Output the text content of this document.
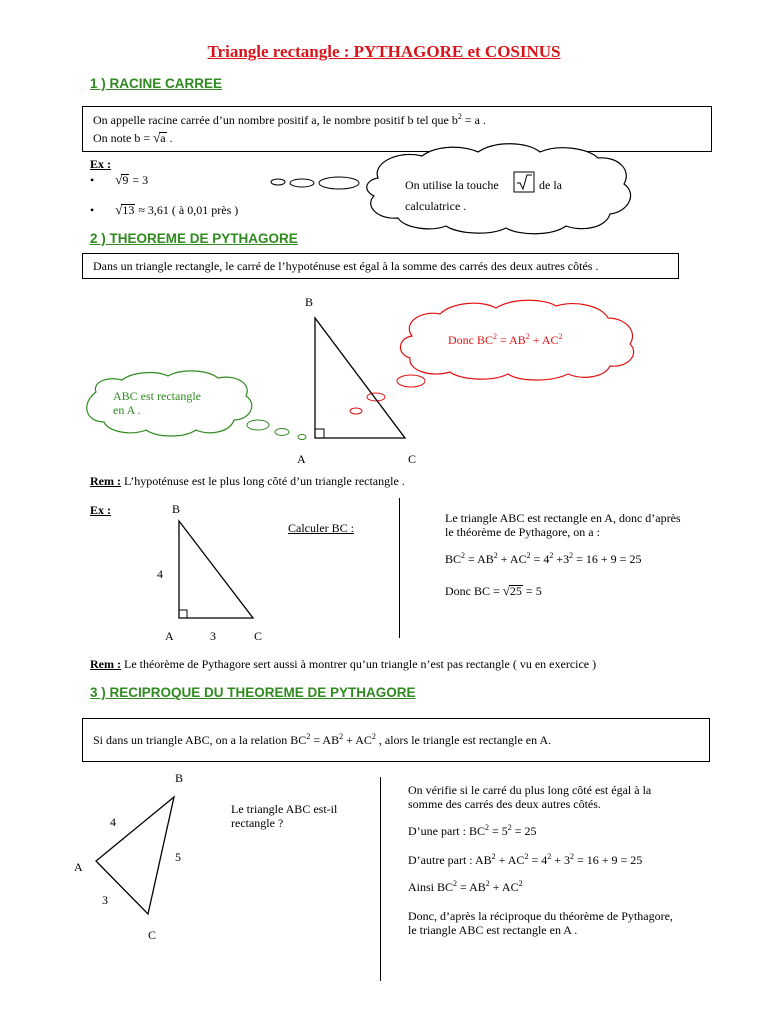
Triangle rectangle : PYTHAGORE et COSINUS
1 ) RACINE CARREE
On appelle racine carrée d’un nombre positif a, le nombre positif b tel que $b^2 = a$ .
On note b = √a .
Ex :
•       √9 = 3
•       √13 ≈ 3,61 ( à 0,01 près )
On utilise la touche	de la
calculatrice .
2 ) THEOREME DE PYTHAGORE
Dans un triangle rectangle, le carré de l’hypoténuse est égal à la somme des carrés des deux autres côtés .
Donc $BC^2 = AB^2 + AC^2$
ABC est rectangle
en A .
B
A	C
Rem : L’hypoténuse est le plus long côté d’un triangle rectangle .
Ex :	B
4
A	3	C
Calculer BC :
Le triangle ABC est rectangle en A, donc d’après
le théorème de Pythagore, on a :
$BC^2 = AB^2 + AC^2 = 4^2 +3^2 = 16 + 9 = 25$
Donc BC = √25 = 5
Rem : Le théorème de Pythagore sert aussi à montrer qu’un triangle n’est pas rectangle ( vu en exercice )
3 ) RECIPROQUE DU THEOREME DE PYTHAGORE
Si dans un triangle ABC, on a la relation $BC^2 = AB^2 + AC^2$ , alors le triangle est rectangle en A.
B
4
A
5
3
C
Le triangle ABC est-il
rectangle ?
On vérifie si le carré du plus long côté est égal à la
somme des carrés des deux autres côtés.
D’une part : $BC^2 = 5^2 = 25$
D’autre part : $AB^2 + AC^2 = 4^2 + 3^2 = 16 + 9 = 25$
Ainsi $BC^2 = AB^2 + AC^2$
Donc, d’après la réciproque du théorème de Pythagore,
le triangle ABC est rectangle en A .
